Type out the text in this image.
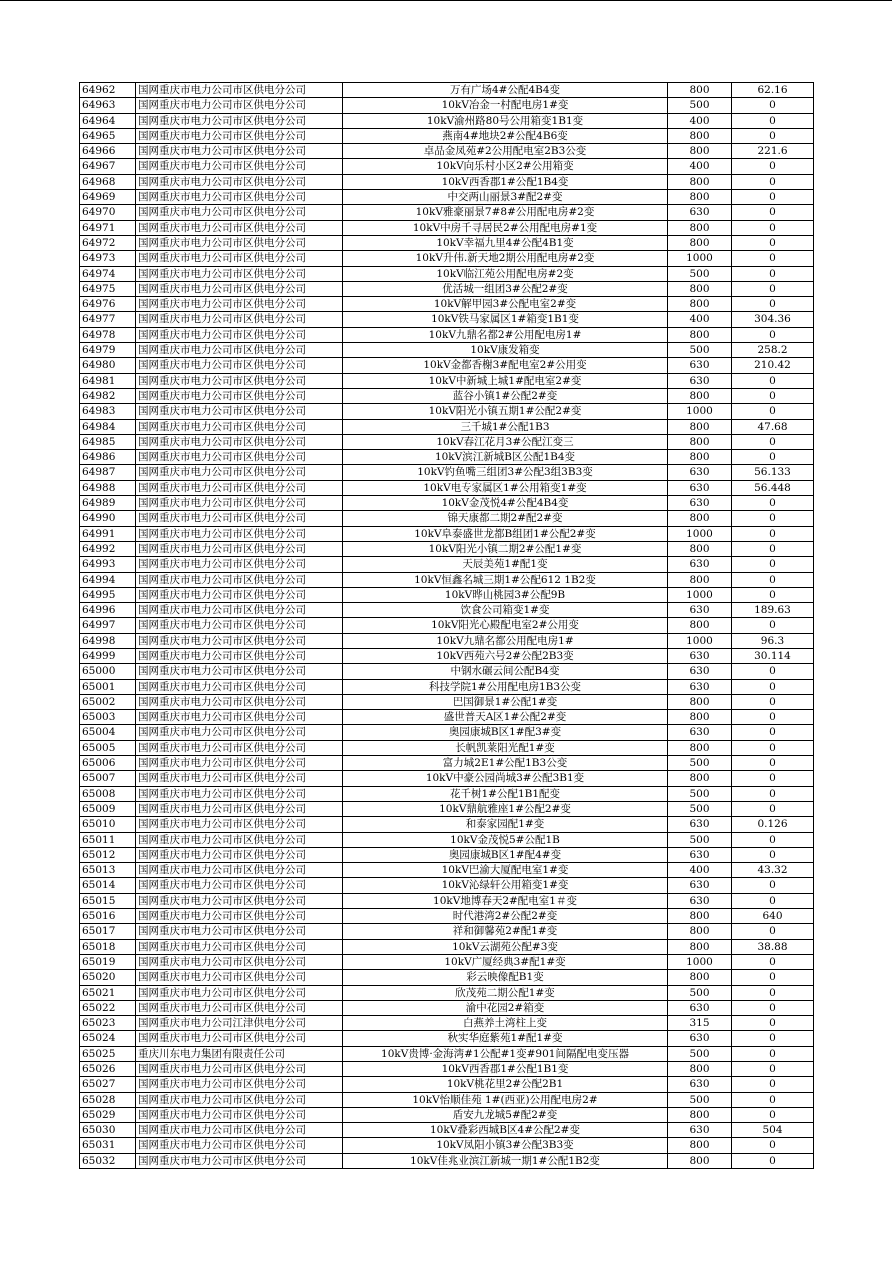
64962	国网重庆市电力公司市区供电分公司	万有广场4#公配4B4变	800	62.16
64963	国网重庆市电力公司市区供电分公司	10kV冶金一村配电房1#变	500	0
64964	国网重庆市电力公司市区供电分公司	10kV渝州路80号公用箱变1B1变	400	0
64965	国网重庆市电力公司市区供电分公司	燕南4#地块2#公配4B6变	800	0
64966	国网重庆市电力公司市区供电分公司	卓品金凤苑#2公用配电室2B3公变	800	221.6
64967	国网重庆市电力公司市区供电分公司	10kV向乐村小区2#公用箱变	400	0
64968	国网重庆市电力公司市区供电分公司	10kV西香郡1#公配1B4变	800	0
64969	国网重庆市电力公司市区供电分公司	中交两山丽景3#配2#变	800	0
64970	国网重庆市电力公司市区供电分公司	10kV雅豪丽景7#8#公用配电房#2变	630	0
64971	国网重庆市电力公司市区供电分公司	10kV中房千寻居民2#公用配电房#1变	800	0
64972	国网重庆市电力公司市区供电分公司	10kV幸福九里4#公配4B1变	800	0
64973	国网重庆市电力公司市区供电分公司	10kV升伟.新天地2期公用配电房#2变	1000	0
64974	国网重庆市电力公司市区供电分公司	10kV临江苑公用配电房#2变	500	0
64975	国网重庆市电力公司市区供电分公司	优活城一组团3#公配2#变	800	0
64976	国网重庆市电力公司市区供电分公司	10kV解甲园3#公配电室2#变	800	0
64977	国网重庆市电力公司市区供电分公司	10kV铁马家属区1#箱变1B1变	400	304.36
64978	国网重庆市电力公司市区供电分公司	10kV九鼎名都2#公用配电房1#	800	0
64979	国网重庆市电力公司市区供电分公司	10kV康发箱变	500	258.2
64980	国网重庆市电力公司市区供电分公司	10kV金都香榭3#配电室2#公用变	630	210.42
64981	国网重庆市电力公司市区供电分公司	10kV中新城上城1#配电室2#变	630	0
64982	国网重庆市电力公司市区供电分公司	蓝谷小镇1#公配2#变	800	0
64983	国网重庆市电力公司市区供电分公司	10kV阳光小镇五期1#公配2#变	1000	0
64984	国网重庆市电力公司市区供电分公司	三千城1#公配1B3	800	47.68
64985	国网重庆市电力公司市区供电分公司	10kV春江花月3#公配江变三	800	0
64986	国网重庆市电力公司市区供电分公司	10kV滨江新城B区公配1B4变	800	0
64987	国网重庆市电力公司市区供电分公司	10kV钓鱼嘴三组团3#公配3组3B3变	630	56.133
64988	国网重庆市电力公司市区供电分公司	10kV电专家属区1#公用箱变1#变	630	56.448
64989	国网重庆市电力公司市区供电分公司	10kV金茂悦4#公配4B4变	630	0
64990	国网重庆市电力公司市区供电分公司	锦天康都二期2#配2#变	800	0
64991	国网重庆市电力公司市区供电分公司	10kV阜泰盛世龙都B组团1#公配2#变	1000	0
64992	国网重庆市电力公司市区供电分公司	10kV阳光小镇二期2#公配1#变	800	0
64993	国网重庆市电力公司市区供电分公司	天辰美苑1#配1变	630	0
64994	国网重庆市电力公司市区供电分公司	10kV恒鑫名城三期1#公配612 1B2变	800	0
64995	国网重庆市电力公司市区供电分公司	10kV晔山桃园3#公配9B	1000	0
64996	国网重庆市电力公司市区供电分公司	饮食公司箱变1#变	630	189.63
64997	国网重庆市电力公司市区供电分公司	10kV阳光心殿配电室2#公用变	800	0
64998	国网重庆市电力公司市区供电分公司	10kV九鼎名都公用配电房1#	1000	96.3
64999	国网重庆市电力公司市区供电分公司	10kV西苑六号2#公配2B3变	630	30.114
65000	国网重庆市电力公司市区供电分公司	中钢水碾云间公配B4变	630	0
65001	国网重庆市电力公司市区供电分公司	科技学院1#公用配电房1B3公变	630	0
65002	国网重庆市电力公司市区供电分公司	巴国御景1#公配1#变	800	0
65003	国网重庆市电力公司市区供电分公司	盛世普天A区1#公配2#变	800	0
65004	国网重庆市电力公司市区供电分公司	奥园康城B区1#配3#变	630	0
65005	国网重庆市电力公司市区供电分公司	长帆凯莱阳光配1#变	800	0
65006	国网重庆市电力公司市区供电分公司	富力城2E1#公配1B3公变	500	0
65007	国网重庆市电力公司市区供电分公司	10kV中豪公园尚城3#公配3B1变	800	0
65008	国网重庆市电力公司市区供电分公司	花千树1#公配1B1配变	500	0
65009	国网重庆市电力公司市区供电分公司	10kV鼎航雅座1#公配2#变	500	0
65010	国网重庆市电力公司市区供电分公司	和泰家园配1#变	630	0.126
65011	国网重庆市电力公司市区供电分公司	10kV金茂悦5#公配1B	500	0
65012	国网重庆市电力公司市区供电分公司	奥园康城B区1#配4#变	630	0
65013	国网重庆市电力公司市区供电分公司	10kV巴渝大厦配电室1#变	400	43.32
65014	国网重庆市电力公司市区供电分公司	10kV沁绿轩公用箱变1#变	630	0
65015	国网重庆市电力公司市区供电分公司	10kV地博春天2#配电室1＃变	630	0
65016	国网重庆市电力公司市区供电分公司	时代港湾2#公配2#变	800	640
65017	国网重庆市电力公司市区供电分公司	祥和御馨苑2#配1#变	800	0
65018	国网重庆市电力公司市区供电分公司	10kV云湖苑公配#3变	800	38.88
65019	国网重庆市电力公司市区供电分公司	10kV广厦经典3#配1#变	1000	0
65020	国网重庆市电力公司市区供电分公司	彩云映像配B1变	800	0
65021	国网重庆市电力公司市区供电分公司	欣茂苑二期公配1#变	500	0
65022	国网重庆市电力公司市区供电分公司	渝中花园2#箱变	630	0
65023	国网重庆市电力公司江津供电分公司	白燕养土湾柱上变	315	0
65024	国网重庆市电力公司市区供电分公司	秋实华庭紫苑1#配1#变	630	0
65025	重庆川东电力集团有限责任公司	10kV贵博·金海湾#1公配#1变#901间隔配电变压器	500	0
65026	国网重庆市电力公司市区供电分公司	10kV西香郡1#公配1B1变	800	0
65027	国网重庆市电力公司市区供电分公司	10kV桃花里2#公配2B1	630	0
65028	国网重庆市电力公司市区供电分公司	10kV怡顺佳苑 1#(西亚)公用配电房2#	500	0
65029	国网重庆市电力公司市区供电分公司	盾安九龙城5#配2#变	800	0
65030	国网重庆市电力公司市区供电分公司	10kV叠彩西城B区4#公配2#变	630	504
65031	国网重庆市电力公司市区供电分公司	10kV凤阳小镇3#公配3B3变	800	0
65032	国网重庆市电力公司市区供电分公司	10kV佳兆业滨江新城一期1#公配1B2变	800	0
